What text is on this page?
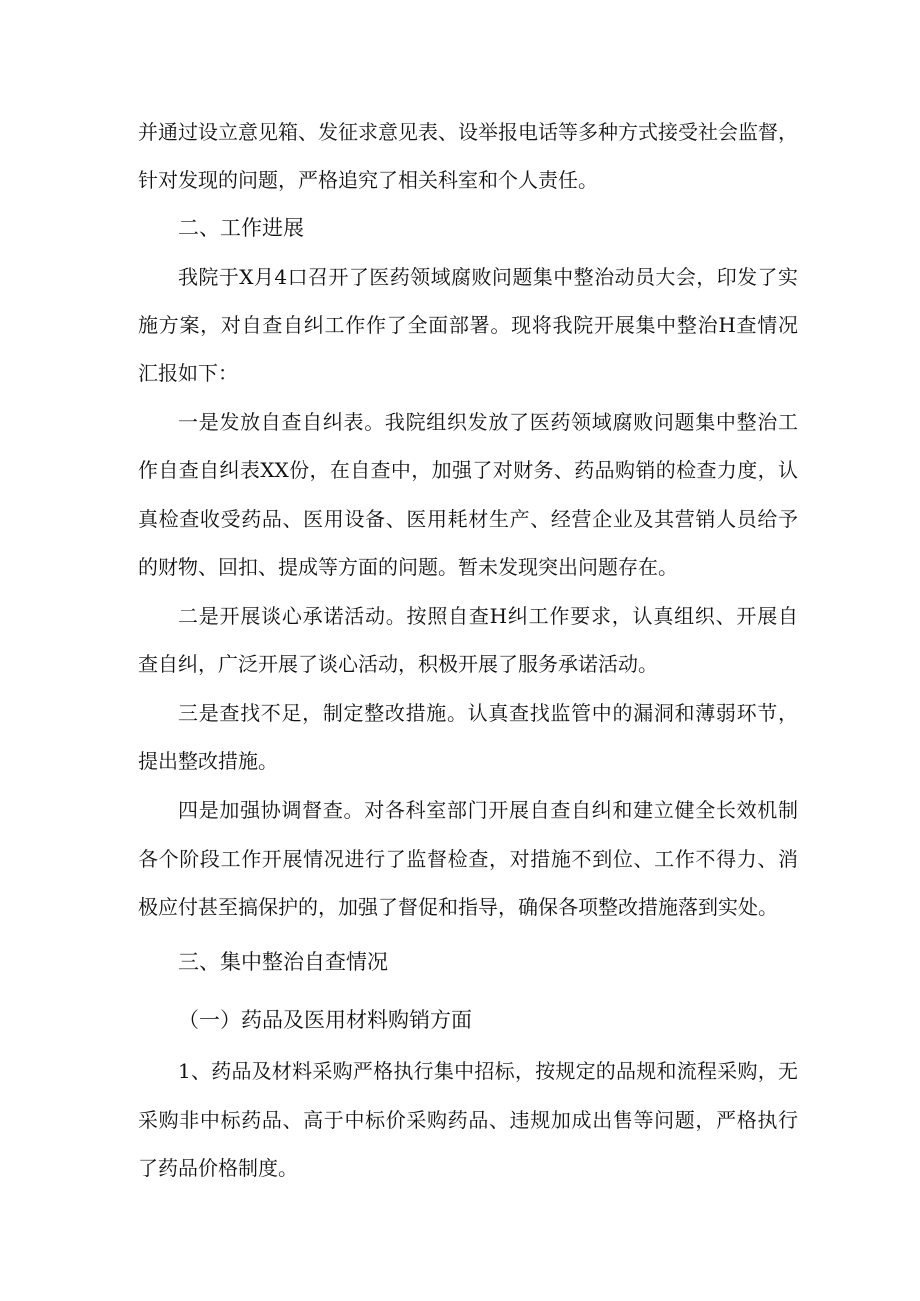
并通过设立意见箱、发征求意见表、设举报电话等多种方式接受社会监督，
针对发现的问题，严格追究了相关科室和个人责任。
二、工作进展
我院于X月4口召开了医药领域腐败问题集中整治动员大会，印发了实
施方案，对自查自纠工作作了全面部署。现将我院开展集中整治H查情况
汇报如下：
一是发放自查自纠表。我院组织发放了医药领域腐败问题集中整治工
作自查自纠表XX份，在自查中，加强了对财务、药品购销的检查力度，认
真检查收受药品、医用设备、医用耗材生产、经营企业及其营销人员给予
的财物、回扣、提成等方面的问题。暂未发现突出问题存在。
二是开展谈心承诺活动。按照自查H纠工作要求，认真组织、开展自
查自纠，广泛开展了谈心活动，积极开展了服务承诺活动。
三是查找不足，制定整改措施。认真查找监管中的漏洞和薄弱环节，
提出整改措施。
四是加强协调督查。对各科室部门开展自查自纠和建立健全长效机制
各个阶段工作开展情况进行了监督检查，对措施不到位、工作不得力、消
极应付甚至搞保护的，加强了督促和指导，确保各项整改措施落到实处。
三、集中整治自查情况
（一）药品及医用材料购销方面
1、药品及材料采购严格执行集中招标，按规定的品规和流程采购，无
采购非中标药品、高于中标价采购药品、违规加成出售等问题，严格执行
了药品价格制度。
